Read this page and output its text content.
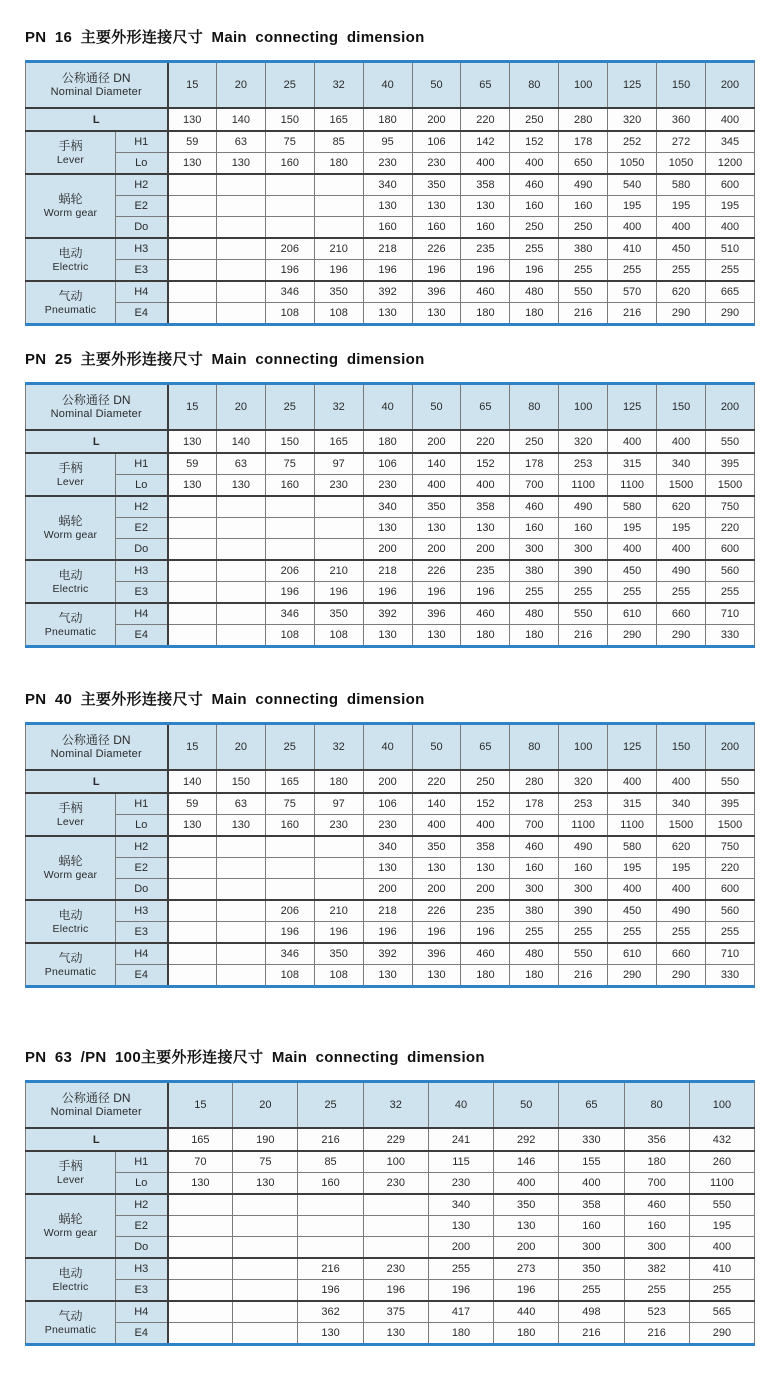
PN 16 主要外形连接尺寸 Main connecting dimension
公称通径 DN
Nominal Diameter		15	20	25	32	40	50	65	80	100	125	150	200
L		130	140	150	165	180	200	220	250	280	320	360	400

手柄
Lever	H1	59	63	75	85	95	106	142	152	178	252	272	345
	Lo	130	130	160	180	230	230	400	400	650	1050	1050	1200

蜗轮
Worm gear	H2					340	350	358	460	490	540	580	600
	E2					130	130	130	160	160	195	195	195
	Do					160	160	160	250	250	400	400	400

电动
Electric	H3			206	210	218	226	235	255	380	410	450	510
	E3			196	196	196	196	196	196	255	255	255	255

气动
Pneumatic	H4			346	350	392	396	460	480	550	570	620	665
	E4			108	108	130	130	180	180	216	216	290	290
PN 25 主要外形连接尺寸 Main connecting dimension
公称通径 DN
Nominal Diameter		15	20	25	32	40	50	65	80	100	125	150	200
L		130	140	150	165	180	200	220	250	320	400	400	550

手柄
Lever	H1	59	63	75	97	106	140	152	178	253	315	340	395
	Lo	130	130	160	230	230	400	400	700	1100	1100	1500	1500

蜗轮
Worm gear	H2					340	350	358	460	490	580	620	750
	E2					130	130	130	160	160	195	195	220
	Do					200	200	200	300	300	400	400	600

电动
Electric	H3			206	210	218	226	235	380	390	450	490	560
	E3			196	196	196	196	196	255	255	255	255	255

气动
Pneumatic	H4			346	350	392	396	460	480	550	610	660	710
	E4			108	108	130	130	180	180	216	290	290	330
PN 40 主要外形连接尺寸 Main connecting dimension
公称通径 DN
Nominal Diameter		15	20	25	32	40	50	65	80	100	125	150	200
L		140	150	165	180	200	220	250	280	320	400	400	550

手柄
Lever	H1	59	63	75	97	106	140	152	178	253	315	340	395
	Lo	130	130	160	230	230	400	400	700	1100	1100	1500	1500

蜗轮
Worm gear	H2					340	350	358	460	490	580	620	750
	E2					130	130	130	160	160	195	195	220
	Do					200	200	200	300	300	400	400	600

电动
Electric	H3			206	210	218	226	235	380	390	450	490	560
	E3			196	196	196	196	196	255	255	255	255	255

气动
Pneumatic	H4			346	350	392	396	460	480	550	610	660	710
	E4			108	108	130	130	180	180	216	290	290	330
PN 63 /PN 100主要外形连接尺寸 Main connecting dimension
公称通径 DN
Nominal Diameter		15	20	25	32	40	50	65	80	100
L		165	190	216	229	241	292	330	356	432

手柄
Lever	H1	70	75	85	100	115	146	155	180	260
	Lo	130	130	160	230	230	400	400	700	1100

蜗轮
Worm gear	H2					340	350	358	460	550
	E2					130	130	160	160	195
	Do					200	200	300	300	400

电动
Electric	H3			216	230	255	273	350	382	410
	E3			196	196	196	196	255	255	255

气动
Pneumatic	H4			362	375	417	440	498	523	565
	E4			130	130	180	180	216	216	290
